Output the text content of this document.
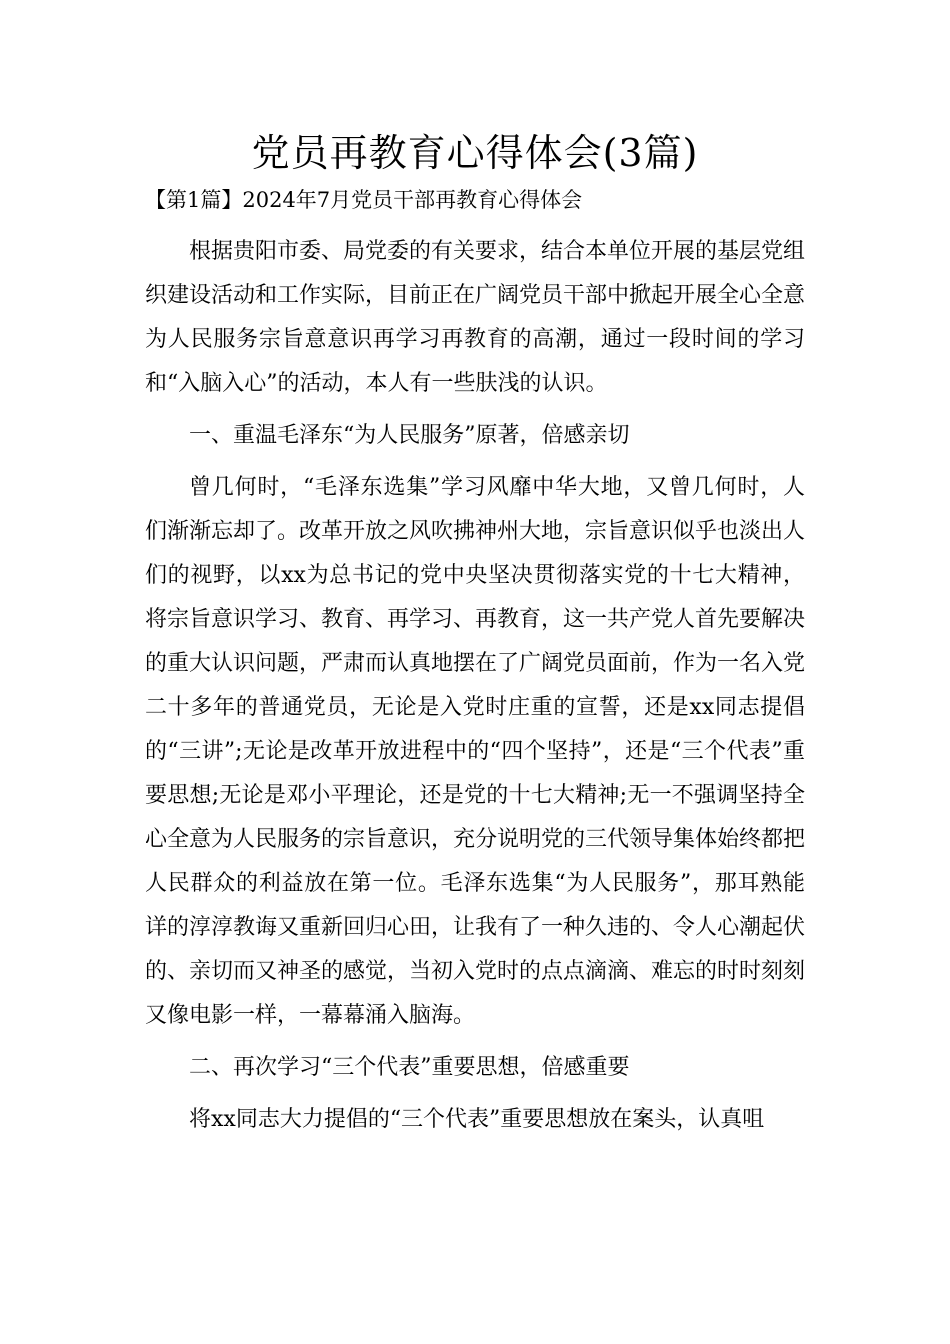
党员再教育心得体会(3篇)
【第1篇】2024年7月党员干部再教育心得体会

根据贵阳市委、局党委的有关要求，结合本单位开展的基层党组织建设活动和工作实际，目前正在广阔党员干部中掀起开展全心全意为人民服务宗旨意意识再学习再教育的高潮，通过一段时间的学习和“入脑入心”的活动，本人有一些肤浅的认识。

一、重温毛泽东“为人民服务”原著，倍感亲切

曾几何时，“毛泽东选集”学习风靡中华大地，又曾几何时，人们渐渐忘却了。改革开放之风吹拂神州大地，宗旨意识似乎也淡出人们的视野，以xx为总书记的党中央坚决贯彻落实党的十七大精神，将宗旨意识学习、教育、再学习、再教育，这一共产党人首先要解决的重大认识问题，严肃而认真地摆在了广阔党员面前，作为一名入党二十多年的普通党员，无论是入党时庄重的宣誓，还是xx同志提倡的“三讲”;无论是改革开放进程中的“四个坚持”，还是“三个代表”重要思想;无论是邓小平理论，还是党的十七大精神;无一不强调坚持全心全意为人民服务的宗旨意识，充分说明党的三代领导集体始终都把人民群众的利益放在第一位。毛泽东选集“为人民服务”，那耳熟能详的淳淳教诲又重新回归心田，让我有了一种久违的、令人心潮起伏的、亲切而又神圣的感觉，当初入党时的点点滴滴、难忘的时时刻刻又像电影一样，一幕幕涌入脑海。

二、再次学习“三个代表”重要思想，倍感重要

将xx同志大力提倡的“三个代表”重要思想放在案头，认真咀
